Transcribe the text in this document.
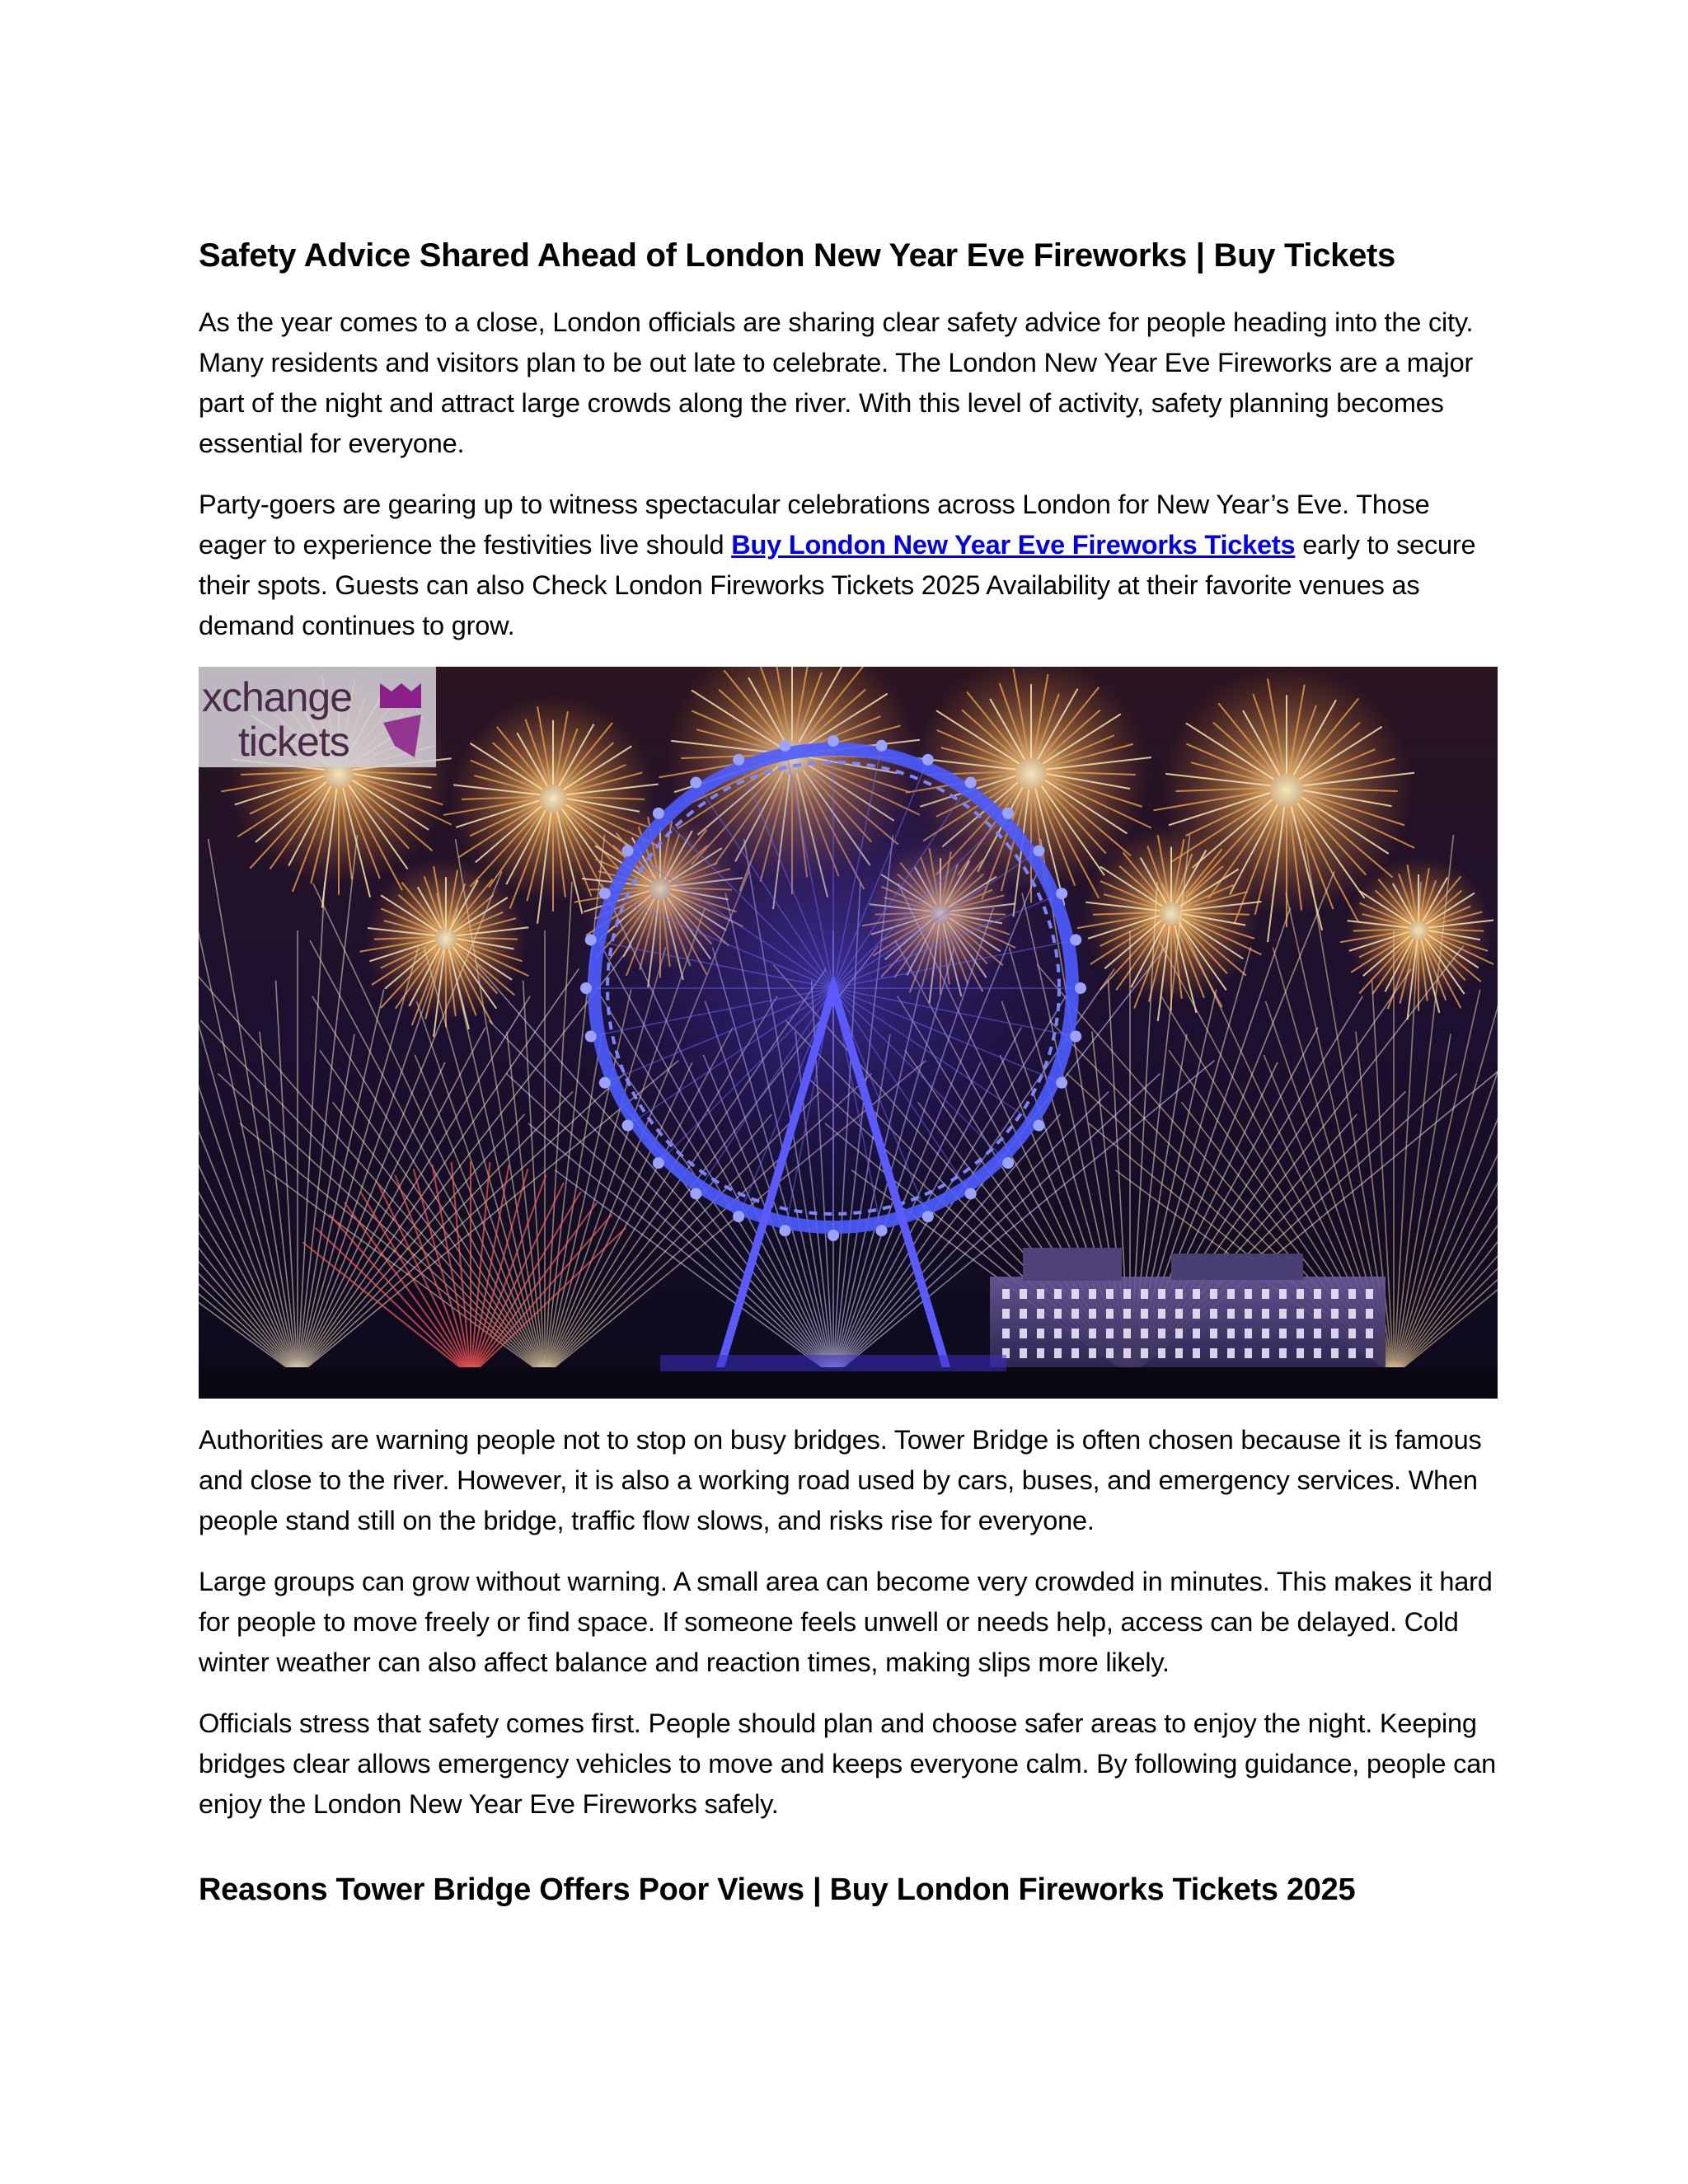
Safety Advice Shared Ahead of London New Year Eve Fireworks | Buy Tickets

As the year comes to a close, London officials are sharing clear safety advice for people heading into the city. Many residents and visitors plan to be out late to celebrate. The London New Year Eve Fireworks are a major part of the night and attract large crowds along the river. With this level of activity, safety planning becomes essential for everyone.

Party-goers are gearing up to witness spectacular celebrations across London for New Year’s Eve. Those eager to experience the festivities live should Buy London New Year Eve Fireworks Tickets early to secure their spots. Guests can also Check London Fireworks Tickets 2025 Availability at their favorite venues as demand continues to grow.

xchange
tickets

Authorities are warning people not to stop on busy bridges. Tower Bridge is often chosen because it is famous and close to the river. However, it is also a working road used by cars, buses, and emergency services. When people stand still on the bridge, traffic flow slows, and risks rise for everyone.

Large groups can grow without warning. A small area can become very crowded in minutes. This makes it hard for people to move freely or find space. If someone feels unwell or needs help, access can be delayed. Cold winter weather can also affect balance and reaction times, making slips more likely.

Officials stress that safety comes first. People should plan and choose safer areas to enjoy the night. Keeping bridges clear allows emergency vehicles to move and keeps everyone calm. By following guidance, people can enjoy the London New Year Eve Fireworks safely.

Reasons Tower Bridge Offers Poor Views | Buy London Fireworks Tickets 2025
